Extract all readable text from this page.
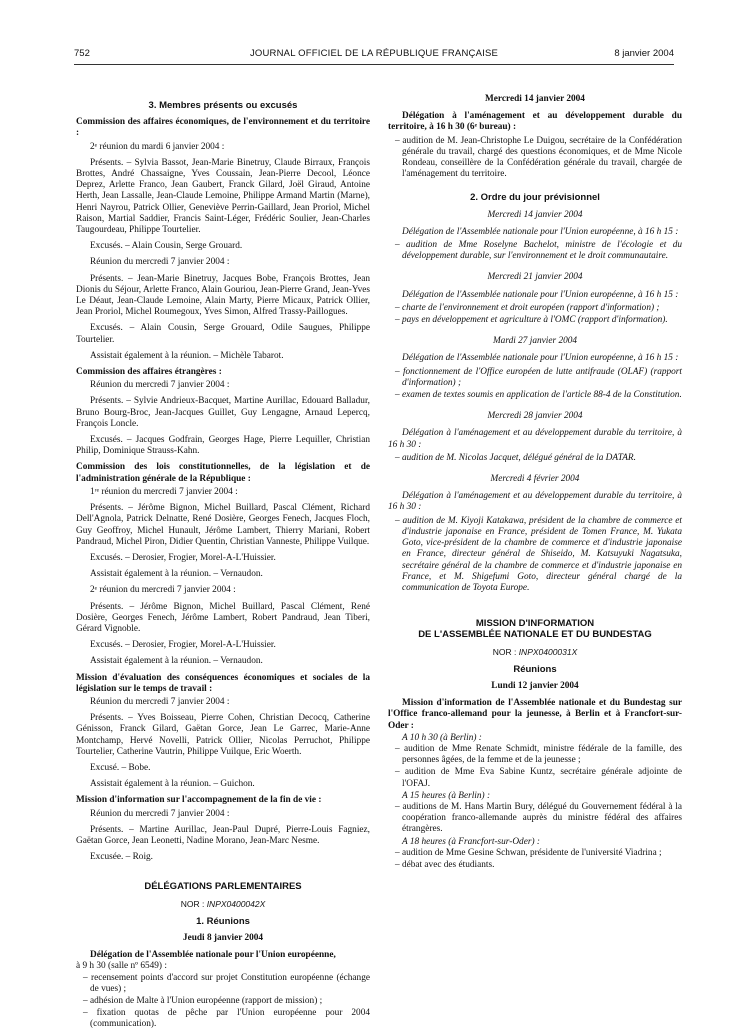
752	JOURNAL OFFICIEL DE LA RÉPUBLIQUE FRANÇAISE	8 janvier 2004
3. Membres présents ou excusés
Commission des affaires économiques, de l'environnement et du territoire :
2ᵉ réunion du mardi 6 janvier 2004 :
Présents. – Sylvia Bassot, Jean-Marie Binetruy, Claude Birraux, François Brottes, André Chassaigne, Yves Coussain, Jean-Pierre Decool, Léonce Deprez, Arlette Franco, Jean Gaubert, Franck Gilard, Joël Giraud, Antoine Herth, Jean Lassalle, Jean-Claude Lemoine, Philippe Armand Martin (Marne), Henri Nayrou, Patrick Ollier, Geneviève Perrin-Gaillard, Jean Proriol, Michel Raison, Martial Saddier, Francis Saint-Léger, Frédéric Soulier, Jean-Charles Taugourdeau, Philippe Tourtelier.
Excusés. – Alain Cousin, Serge Grouard.
Réunion du mercredi 7 janvier 2004 :
Présents. – Jean-Marie Binetruy, Jacques Bobe, François Brottes, Jean Dionis du Séjour, Arlette Franco, Alain Gouriou, Jean-Pierre Grand, Jean-Yves Le Déaut, Jean-Claude Lemoine, Alain Marty, Pierre Micaux, Patrick Ollier, Jean Proriol, Michel Roumegoux, Yves Simon, Alfred Trassy-Paillogues.
Excusés. – Alain Cousin, Serge Grouard, Odile Saugues, Philippe Tourtelier.
Assistait également à la réunion. – Michèle Tabarot.
Commission des affaires étrangères :
Réunion du mercredi 7 janvier 2004 :
Présents. – Sylvie Andrieux-Bacquet, Martine Aurillac, Edouard Balladur, Bruno Bourg-Broc, Jean-Jacques Guillet, Guy Lengagne, Arnaud Lepercq, François Loncle.
Excusés. – Jacques Godfrain, Georges Hage, Pierre Lequiller, Christian Philip, Dominique Strauss-Kahn.
Commission des lois constitutionnelles, de la législation et de l'administration générale de la République :
1ʳᵉ réunion du mercredi 7 janvier 2004 :
Présents. – Jérôme Bignon, Michel Buillard, Pascal Clément, Richard Dell'Agnola, Patrick Delnatte, René Dosière, Georges Fenech, Jacques Floch, Guy Geoffroy, Michel Hunault, Jérôme Lambert, Thierry Mariani, Robert Pandraud, Michel Piron, Didier Quentin, Christian Vanneste, Philippe Vuilque.
Excusés. – Derosier, Frogier, Morel-A-L'Huissier.
Assistait également à la réunion. – Vernaudon.
2ᵉ réunion du mercredi 7 janvier 2004 :
Présents. – Jérôme Bignon, Michel Buillard, Pascal Clément, René Dosière, Georges Fenech, Jérôme Lambert, Robert Pandraud, Jean Tiberi, Gérard Vignoble.
Excusés. – Derosier, Frogier, Morel-A-L'Huissier.
Assistait également à la réunion. – Vernaudon.
Mission d'évaluation des conséquences économiques et sociales de la législation sur le temps de travail :
Réunion du mercredi 7 janvier 2004 :
Présents. – Yves Boisseau, Pierre Cohen, Christian Decocq, Catherine Génisson, Franck Gilard, Gaëtan Gorce, Jean Le Garrec, Marie-Anne Montchamp, Hervé Novelli, Patrick Ollier, Nicolas Perruchot, Philippe Tourtelier, Catherine Vautrin, Philippe Vuilque, Eric Woerth.
Excusé. – Bobe.
Assistait également à la réunion. – Guichon.
Mission d'information sur l'accompagnement de la fin de vie :
Réunion du mercredi 7 janvier 2004 :
Présents. – Martine Aurillac, Jean-Paul Dupré, Pierre-Louis Fagniez, Gaëtan Gorce, Jean Leonetti, Nadine Morano, Jean-Marc Nesme.
Excusée. – Roig.
DÉLÉGATIONS PARLEMENTAIRES
NOR : INPX0400042X
1. Réunions
Jeudi 8 janvier 2004
Délégation de l'Assemblée nationale pour l'Union européenne,
à 9 h 30 (salle nº 6549) :
– recensement points d'accord sur projet Constitution européenne (échange de vues) ;
– adhésion de Malte à l'Union européenne (rapport de mission) ;
– fixation quotas de pêche par l'Union européenne pour 2004 (communication).
Mercredi 14 janvier 2004
Délégation à l'aménagement et au développement durable du territoire, à 16 h 30 (6ᵉ bureau) :
– audition de M. Jean-Christophe Le Duigou, secrétaire de la Confédération générale du travail, chargé des questions économiques, et de Mme Nicole Rondeau, conseillère de la Confédération générale du travail, chargée de l'aménagement du territoire.
2. Ordre du jour prévisionnel
Mercredi 14 janvier 2004
Délégation de l'Assemblée nationale pour l'Union européenne, à 16 h 15 :
– audition de Mme Roselyne Bachelot, ministre de l'écologie et du développement durable, sur l'environnement et le droit communautaire.
Mercredi 21 janvier 2004
Délégation de l'Assemblée nationale pour l'Union européenne, à 16 h 15 :
– charte de l'environnement et droit européen (rapport d'information) ;
– pays en développement et agriculture à l'OMC (rapport d'information).
Mardi 27 janvier 2004
Délégation de l'Assemblée nationale pour l'Union européenne, à 16 h 15 :
– fonctionnement de l'Office européen de lutte antifraude (OLAF) (rapport d'information) ;
– examen de textes soumis en application de l'article 88-4 de la Constitution.
Mercredi 28 janvier 2004
Délégation à l'aménagement et au développement durable du territoire, à 16 h 30 :
– audition de M. Nicolas Jacquet, délégué général de la DATAR.
Mercredi 4 février 2004
Délégation à l'aménagement et au développement durable du territoire, à 16 h 30 :
– audition de M. Kiyoji Katakawa, président de la chambre de commerce et d'industrie japonaise en France, président de Tomen France, M. Yukata Goto, vice-président de la chambre de commerce et d'industrie japonaise en France, directeur général de Shiseido, M. Katsuyuki Nagatsuka, secrétaire général de la chambre de commerce et d'industrie japonaise en France, et M. Shigefumi Goto, directeur général chargé de la communication de Toyota Europe.
MISSION D'INFORMATION
DE L'ASSEMBLÉE NATIONALE ET DU BUNDESTAG
NOR : INPX0400031X
Réunions
Lundi 12 janvier 2004
Mission d'information de l'Assemblée nationale et du Bundestag sur l'Office franco-allemand pour la jeunesse, à Berlin et à Francfort-sur-Oder :
A 10 h 30 (à Berlin) :
– audition de Mme Renate Schmidt, ministre fédérale de la famille, des personnes âgées, de la femme et de la jeunesse ;
– audition de Mme Eva Sabine Kuntz, secrétaire générale adjointe de l'OFAJ.
A 15 heures (à Berlin) :
– auditions de M. Hans Martin Bury, délégué du Gouvernement fédéral à la coopération franco-allemande auprès du ministre fédéral des affaires étrangères.
A 18 heures (à Francfort-sur-Oder) :
– audition de Mme Gesine Schwan, présidente de l'université Viadrina ;
– débat avec des étudiants.
